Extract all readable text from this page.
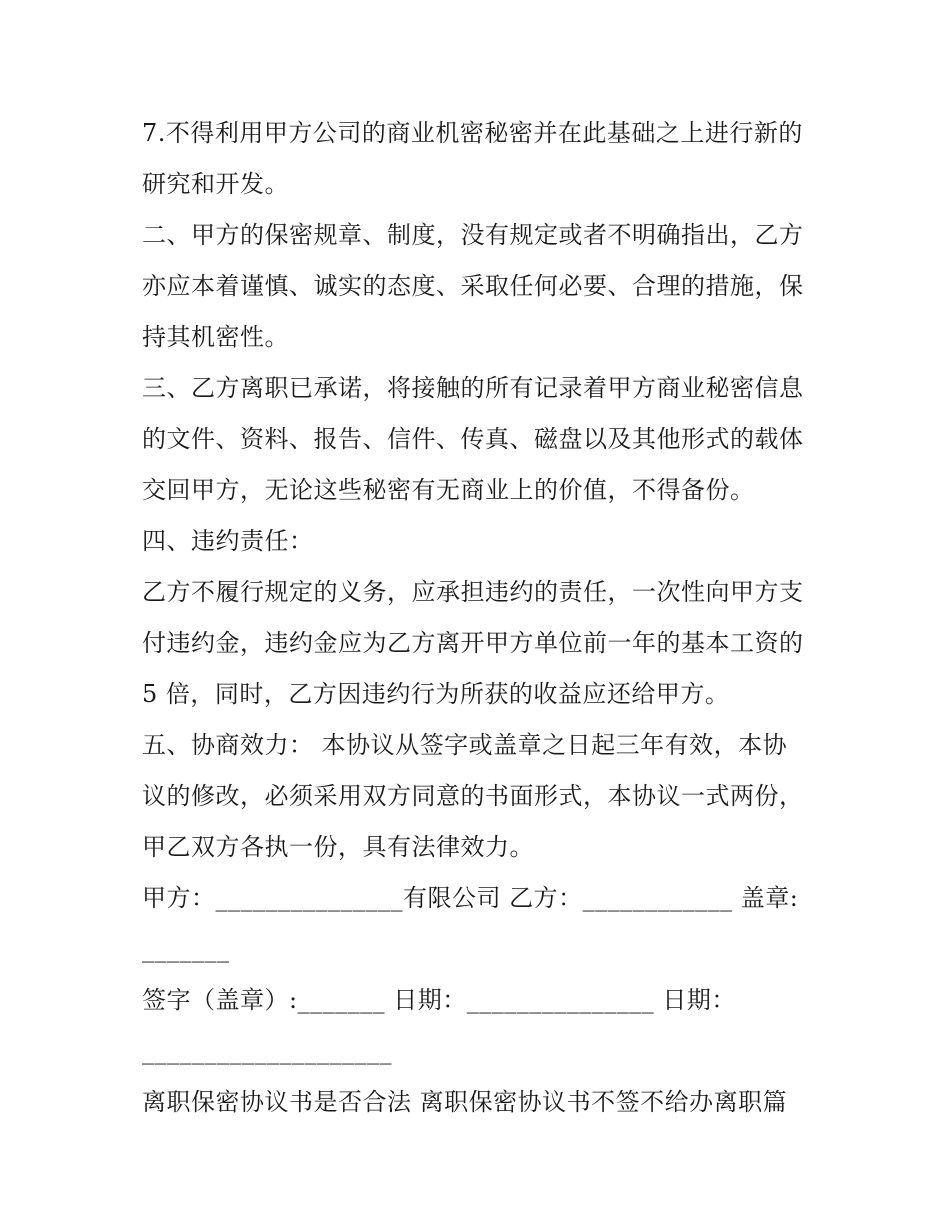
7.不得利用甲方公司的商业机密秘密并在此基础之上进行新的
研究和开发。
二、甲方的保密规章、制度，没有规定或者不明确指出，乙方
亦应本着谨慎、诚实的态度、采取任何必要、合理的措施，保
持其机密性。
三、乙方离职已承诺，将接触的所有记录着甲方商业秘密信息
的文件、资料、报告、信件、传真、磁盘以及其他形式的载体
交回甲方，无论这些秘密有无商业上的价值，不得备份。
四、违约责任：
乙方不履行规定的义务，应承担违约的责任，一次性向甲方支
付违约金，违约金应为乙方离开甲方单位前一年的基本工资的
5 倍，同时，乙方因违约行为所获的收益应还给甲方。
五、协商效力： 本协议从签字或盖章之日起三年有效，本协
议的修改，必须采用双方同意的书面形式，本协议一式两份，
甲乙双方各执一份，具有法律效力。
甲方：_______________有限公司 乙方：____________ 盖章:
_______
签字（盖章）:_______ 日期：_______________ 日期：
____________________
离职保密协议书是否合法 离职保密协议书不签不给办离职篇
